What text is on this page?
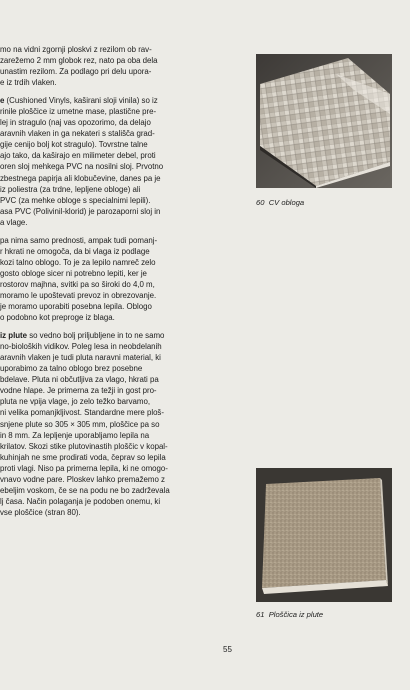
mo na vidni zgornji ploskvi z rezilom ob rav-
zarežemo 2 mm globok rez, nato pa oba dela
unastim rezilom. Za podlago pri delu upora-
e iz trdih vlaken.

e (Cushioned Vinyls, kaširani sloji vinila) so iz
rinile ploščice iz umetne mase, plastične pre-
lej in stragulo (naj vas opozorimo, da delajo
aravnih vlaken in ga nekateri s stališča grad-
gije cenijo bolj kot stragulo). Tovrstne talne
ajo tako, da kaširajo en milimeter debel, proti
oren sloj mehkega PVC na nosilni sloj. Prvotno
zbestnega papirja ali klobučevine, danes pa je
iz poliestra (za trdne, lepljene obloge) ali
PVC (za mehke obloge s specialnimi lepili).
asa PVC (Polivinil-klorid) je parozaporni sloj in
a vlage.

pa nima samo prednosti, ampak tudi pomanj-
r hkrati ne omogoča, da bi vlaga iz podlage
kozi talno oblogo. To je za lepilo namreč zelo
gosto obloge sicer ni potrebno lepiti, ker je
rostorov majhna, svitki pa so široki do 4,0 m,
moramo le upoštevati prevoz in obrezovanje.
je moramo uporabiti posebna lepila. Oblogo
o podobno kot preproge iz blaga.

iz plute so vedno bolj priljubljene in to ne samo
no-bioloških vidikov. Poleg lesa in neobdelanih
aravnih vlaken je tudi pluta naravni material, ki
uporabimo za talno oblogo brez posebne
bdelave. Pluta ni občutljiva za vlago, hkrati pa
vodne hlape. Je primerna za težji in gost pro-
pluta ne vpija vlage, jo zelo težko barvamo,
ni velika pomanjkljivost. Standardne mere ploš-
snjene plute so 305 × 305 mm, ploščice pa so
in 8 mm. Za lepljenje uporabljamo lepila na
krilatov. Skozi stike plutovinastih ploščic v kopal-
kuhinjah ne sme prodirati voda, čeprav so lepila
proti vlagi. Niso pa primerna lepila, ki ne omogo-
vnavo vodne pare. Ploskev lahko premažemo z
ebeljim voskom, če se na podu ne bo zadrževala
lj časa. Način polaganja je podoben onemu, ki
vse ploščice (stran 80).

60 CV obloga
61 Ploščica iz plute
55
